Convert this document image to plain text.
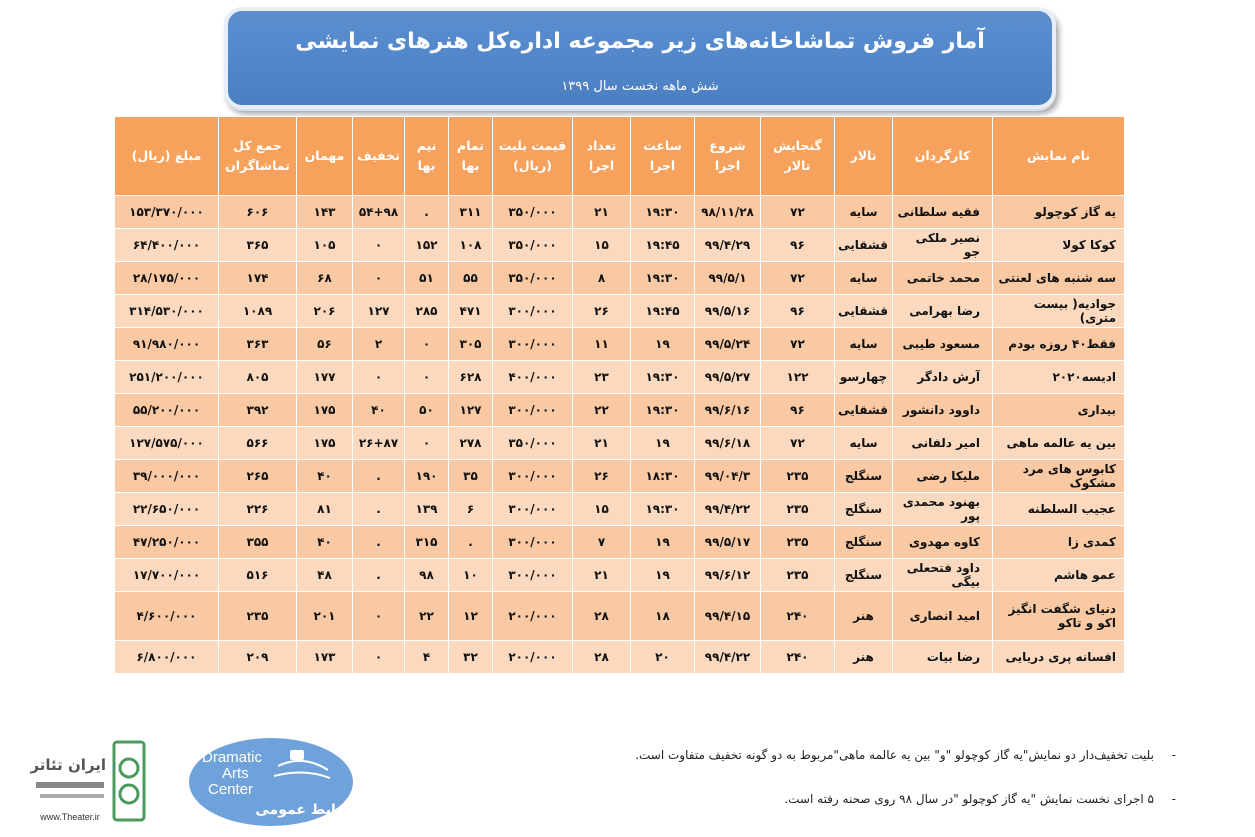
آمار فروش تماشاخانه‌های زیر مجموعه اداره‌کل هنرهای نمایشی
شش ماهه نخست سال ۱۳۹۹
نام نمایش	کارگردان	تالار	گنجایش تالار	شروع اجرا	ساعت اجرا	تعداد اجرا	قیمت بلیت (ریال)	تمام بها	نیم بها	تخفیف	مهمان	جمع کل تماشاگران	مبلغ (ریال)
یه گاز کوچولو	فقیه سلطانی	سایه	۷۲	۹۸/۱۱/۲۸	۱۹:۳۰	۲۱	۳۵۰/۰۰۰	۳۱۱	.	۵۴+۹۸	۱۴۳	۶۰۶	۱۵۳/۳۷۰/۰۰۰
کوکا کولا	نصیر ملکی جو	قشقایی	۹۶	۹۹/۴/۲۹	۱۹:۴۵	۱۵	۳۵۰/۰۰۰	۱۰۸	۱۵۲	۰	۱۰۵	۳۶۵	۶۴/۴۰۰/۰۰۰
سه شنبه های لعنتی	محمد خاتمی	سایه	۷۲	۹۹/۵/۱	۱۹:۳۰	۸	۳۵۰/۰۰۰	۵۵	۵۱	۰	۶۸	۱۷۴	۲۸/۱۷۵/۰۰۰
جوادیه( بیست متری)	رضا بهرامی	قشقایی	۹۶	۹۹/۵/۱۶	۱۹:۴۵	۲۶	۳۰۰/۰۰۰	۴۷۱	۲۸۵	۱۲۷	۲۰۶	۱۰۸۹	۳۱۴/۵۳۰/۰۰۰
فقط۴۰ روزه بودم	مسعود طیبی	سایه	۷۲	۹۹/۵/۲۴	۱۹	۱۱	۳۰۰/۰۰۰	۳۰۵	۰	۲	۵۶	۳۶۳	۹۱/۹۸۰/۰۰۰
ادیسه۲۰۲۰	آرش دادگر	چهارسو	۱۲۲	۹۹/۵/۲۷	۱۹:۳۰	۲۳	۴۰۰/۰۰۰	۶۲۸	۰	۰	۱۷۷	۸۰۵	۲۵۱/۲۰۰/۰۰۰
بیداری	داوود دانشور	قشقایی	۹۶	۹۹/۶/۱۶	۱۹:۳۰	۲۲	۳۰۰/۰۰۰	۱۲۷	۵۰	۴۰	۱۷۵	۳۹۲	۵۵/۲۰۰/۰۰۰
بین یه عالمه ماهی	امیر دلفانی	سایه	۷۲	۹۹/۶/۱۸	۱۹	۲۱	۳۵۰/۰۰۰	۲۷۸	۰	۲۶+۸۷	۱۷۵	۵۶۶	۱۲۷/۵۷۵/۰۰۰
کابوس های مرد مشکوک	ملیکا رضی	سنگلج	۲۳۵	۹۹/۰۴/۳	۱۸:۳۰	۲۶	۳۰۰/۰۰۰	۳۵	۱۹۰	.	۴۰	۲۶۵	۳۹/۰۰۰/۰۰۰
عجیب السلطنه	بهنود محمدی پور	سنگلج	۲۳۵	۹۹/۴/۲۲	۱۹:۳۰	۱۵	۳۰۰/۰۰۰	۶	۱۳۹	.	۸۱	۲۲۶	۲۲/۶۵۰/۰۰۰
کمدی زا	کاوه مهدوی	سنگلج	۲۳۵	۹۹/۵/۱۷	۱۹	۷	۳۰۰/۰۰۰	.	۳۱۵	.	۴۰	۳۵۵	۴۷/۲۵۰/۰۰۰
عمو هاشم	داود فتحعلی بیگی	سنگلج	۲۳۵	۹۹/۶/۱۲	۱۹	۲۱	۳۰۰/۰۰۰	۱۰	۹۸	.	۴۸	۵۱۶	۱۷/۷۰۰/۰۰۰
دنیای شگفت انگیز اکو و تاکو	امید انصاری	هنر	۲۴۰	۹۹/۴/۱۵	۱۸	۲۸	۲۰۰/۰۰۰	۱۲	۲۲	۰	۲۰۱	۲۳۵	۴/۶۰۰/۰۰۰
افسانه پری دریایی	رضا بیات	هنر	۲۴۰	۹۹/۴/۲۲	۲۰	۲۸	۲۰۰/۰۰۰	۳۲	۴	۰	۱۷۳	۲۰۹	۶/۸۰۰/۰۰۰
-
بلیت تخفیف‌دار دو نمایش"یه گاز کوچولو "و" بین یه عالمه ماهی"مربوط به دو گونه تخفیف متفاوت است.
-
۵ اجرای نخست نمایش "یه گاز کوچولو "در سال ۹۸ روی صحنه رفته است.
Dramatic
Arts
Center
روابط عمومی
ایران تئاتر
www.Theater.ir
